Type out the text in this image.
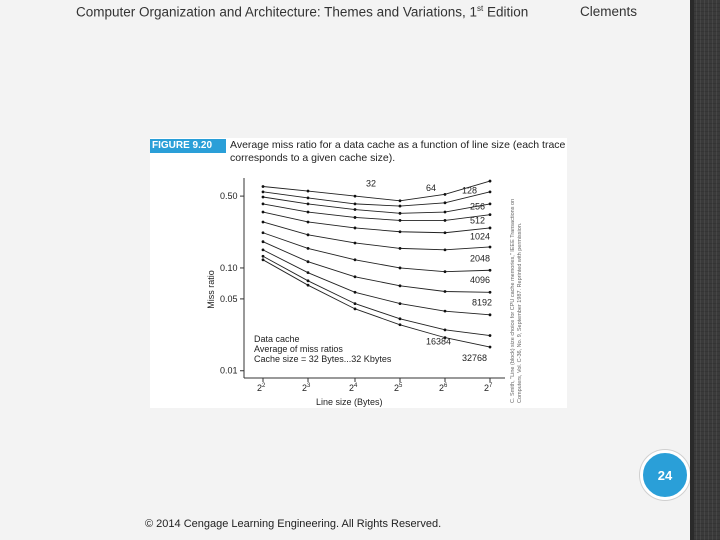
Computer Organization and Architecture: Themes and Variations, 1st Edition	Clements
0.50
0.10
0.05
0.01
$2^2$	$2^3$	$2^4$	$2^5$	$2^6$	$2^7$
Line size (Bytes)
Miss ratio
32	64	128
256
512
1024
2048
4096
8192
16384
32768
Data cache
Average of miss ratios
Cache size = 32 Bytes...32 Kbytes
FIGURE 9.20	Average miss ratio for a data cache as a function of line size (each trace
corresponds to a given cache size).
C. Smith, "Line (block) size choice for CPU cache memories," IEEE Transactions on Computers, Vol. C-36, No. 9, September 1987. Reprinted with permission.
24
© 2014 Cengage Learning Engineering. All Rights Reserved.
